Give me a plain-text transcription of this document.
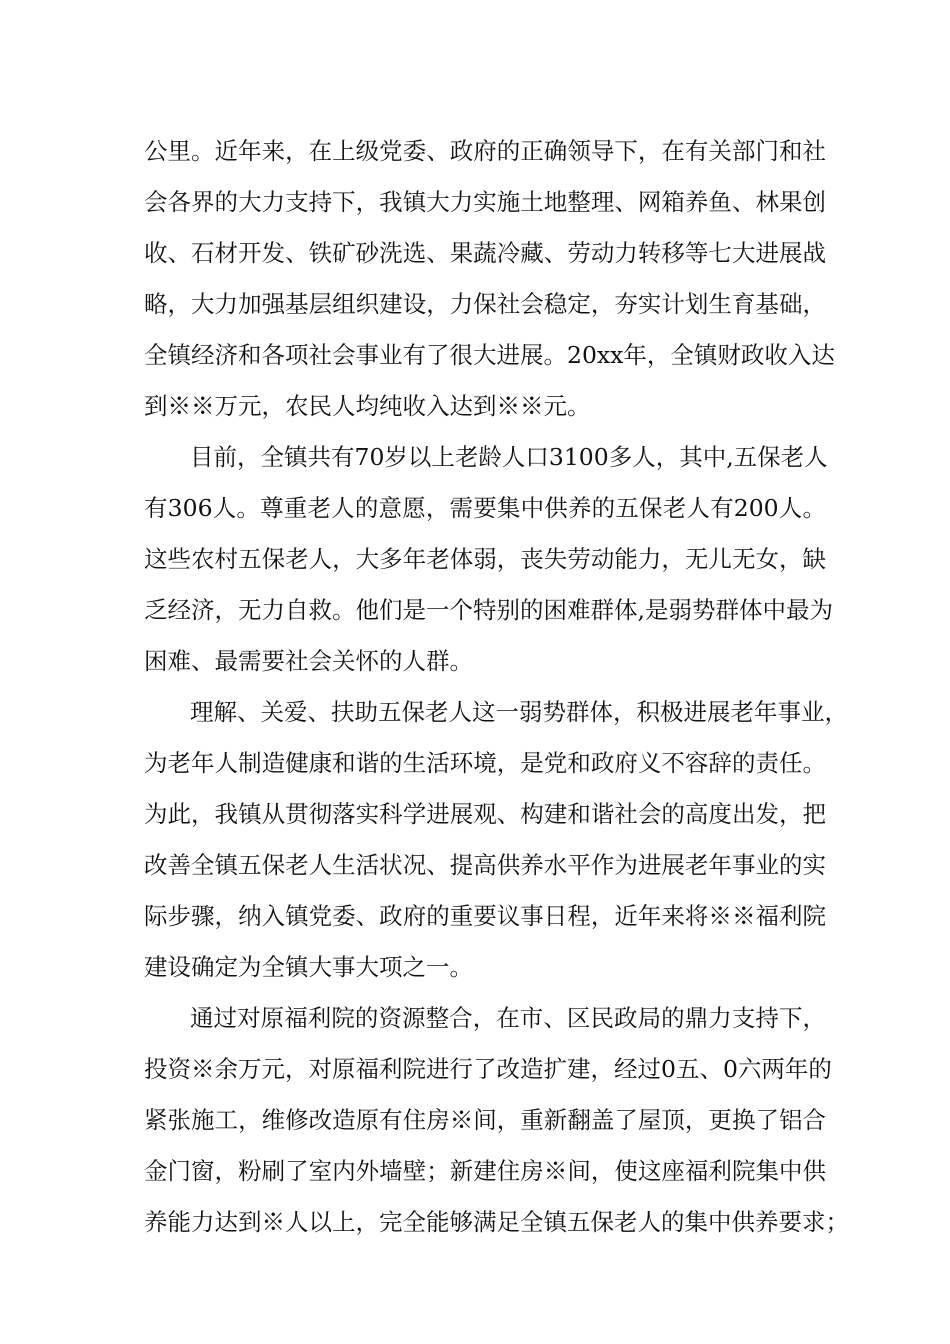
公里。近年来，在上级党委、政府的正确领导下，在有关部门和社
会各界的大力支持下，我镇大力实施土地整理、网箱养鱼、林果创
收、石材开发、铁矿砂洗选、果蔬冷藏、劳动力转移等七大进展战
略，大力加强基层组织建设，力保社会稳定，夯实计划生育基础，
全镇经济和各项社会事业有了很大进展。20xx年，全镇财政收入达
到※※万元，农民人均纯收入达到※※元。
目前，全镇共有70岁以上老龄人口3100多人，其中,五保老人
有306人。尊重老人的意愿，需要集中供养的五保老人有200人。
这些农村五保老人，大多年老体弱，丧失劳动能力，无儿无女，缺
乏经济，无力自救。他们是一个特别的困难群体,是弱势群体中最为
困难、最需要社会关怀的人群。
理解、关爱、扶助五保老人这一弱势群体，积极进展老年事业，
为老年人制造健康和谐的生活环境，是党和政府义不容辞的责任。
为此，我镇从贯彻落实科学进展观、构建和谐社会的高度出发，把
改善全镇五保老人生活状况、提高供养水平作为进展老年事业的实
际步骤，纳入镇党委、政府的重要议事日程，近年来将※※福利院
建设确定为全镇大事大项之一。
通过对原福利院的资源整合，在市、区民政局的鼎力支持下，
投资※余万元，对原福利院进行了改造扩建，经过0五、0六两年的
紧张施工，维修改造原有住房※间，重新翻盖了屋顶，更换了铝合
金门窗，粉刷了室内外墙壁；新建住房※间，使这座福利院集中供
养能力达到※人以上，完全能够满足全镇五保老人的集中供养要求；
